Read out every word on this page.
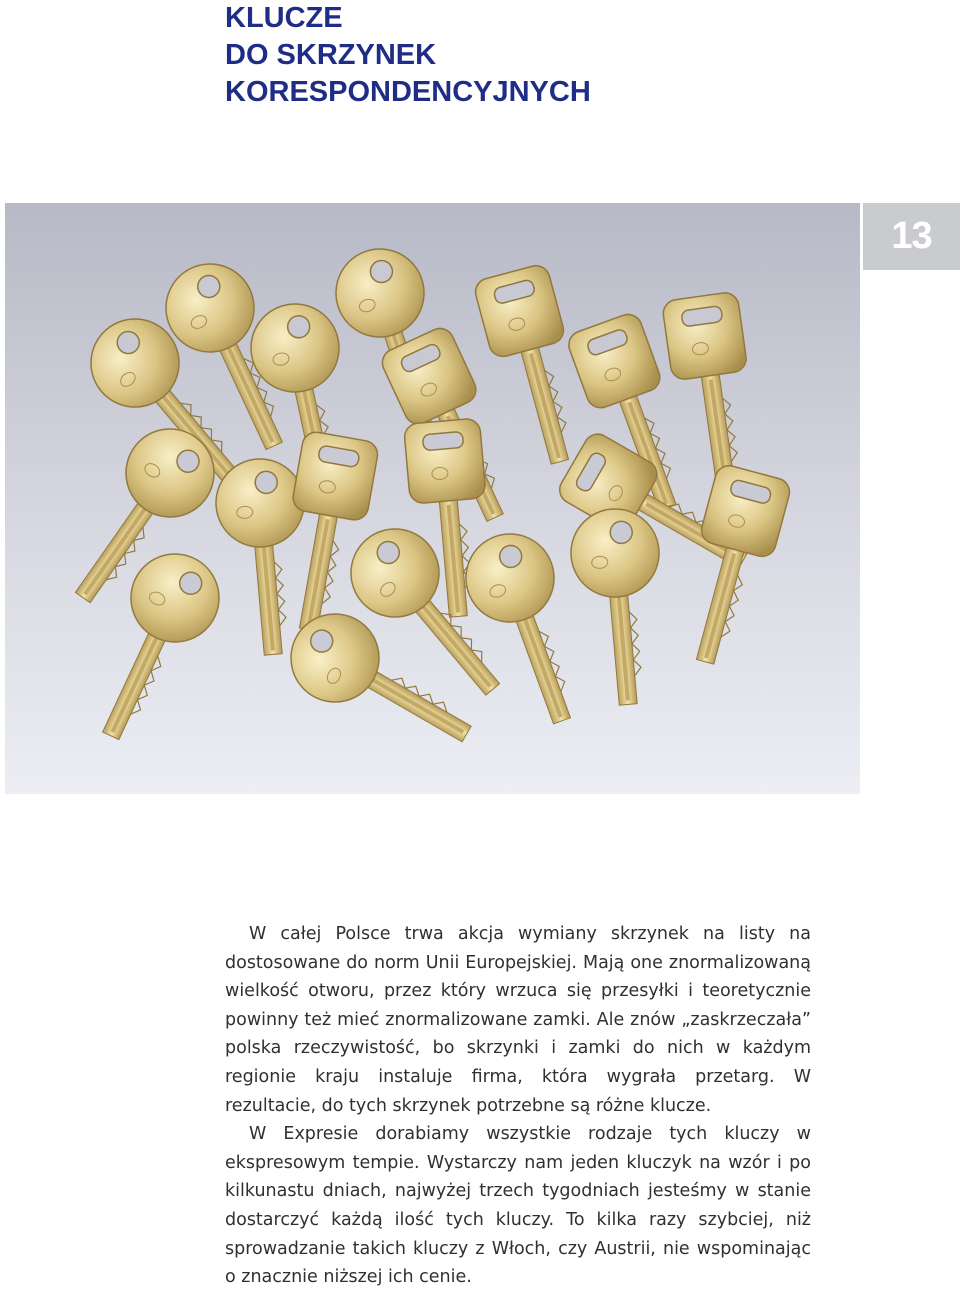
KLUCZE
DO SKRZYNEK
KORESPONDENCYJNYCH
13

W całej Polsce trwa akcja wymiany skrzynek na listy na dostosowane do norm Unii Europejskiej. Mają one znormalizowaną wielkość otworu, przez który wrzuca się przesyłki i teoretycznie powinny też mieć znormalizowane zamki. Ale znów „zaskrzeczała” polska rzeczywistość, bo skrzynki i zamki do nich w każdym regionie kraju instaluje firma, która wygrała przetarg. W rezultacie, do tych skrzynek potrzebne są różne klucze.

W Expresie dorabiamy wszystkie rodzaje tych kluczy w ekspresowym tempie. Wystarczy nam jeden kluczyk na wzór i po kilkunastu dniach, najwyżej trzech tygodniach jesteśmy w stanie dostarczyć każdą ilość tych kluczy. To kilka razy szybciej, niż sprowadzanie takich kluczy z Włoch, czy Austrii, nie wspominając o znacznie niższej ich cenie.
